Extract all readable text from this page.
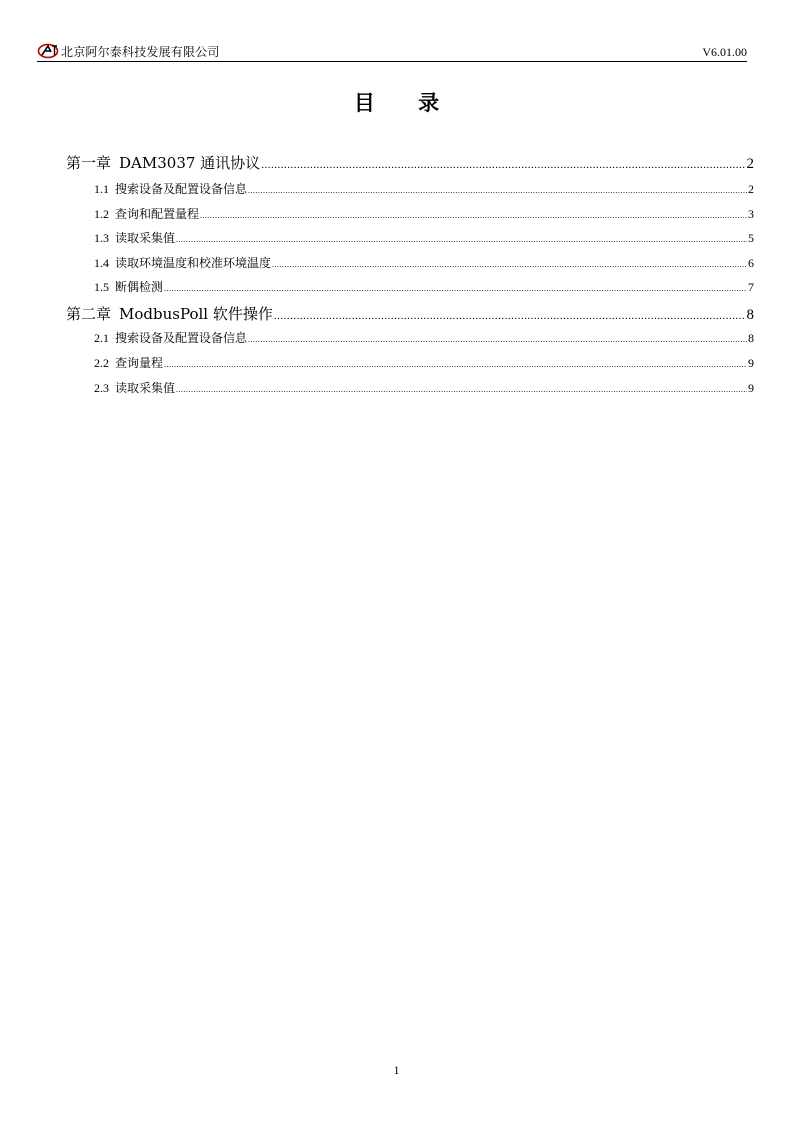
北京阿尔泰科技发展有限公司	V6.01.00
目 录
第一章 DAM3037 通讯协议 .....	2
1.1 搜索设备及配置设备信息 .....	2
1.2 查询和配置量程 .....	3
1.3 读取采集值 .....	5
1.4 读取环境温度和校准环境温度 .....	6
1.5 断偶检测 .....	7
第二章 ModbusPoll 软件操作 .....	8
2.1 搜索设备及配置设备信息 .....	8
2.2 查询量程 .....	9
2.3 读取采集值 .....	9
1
